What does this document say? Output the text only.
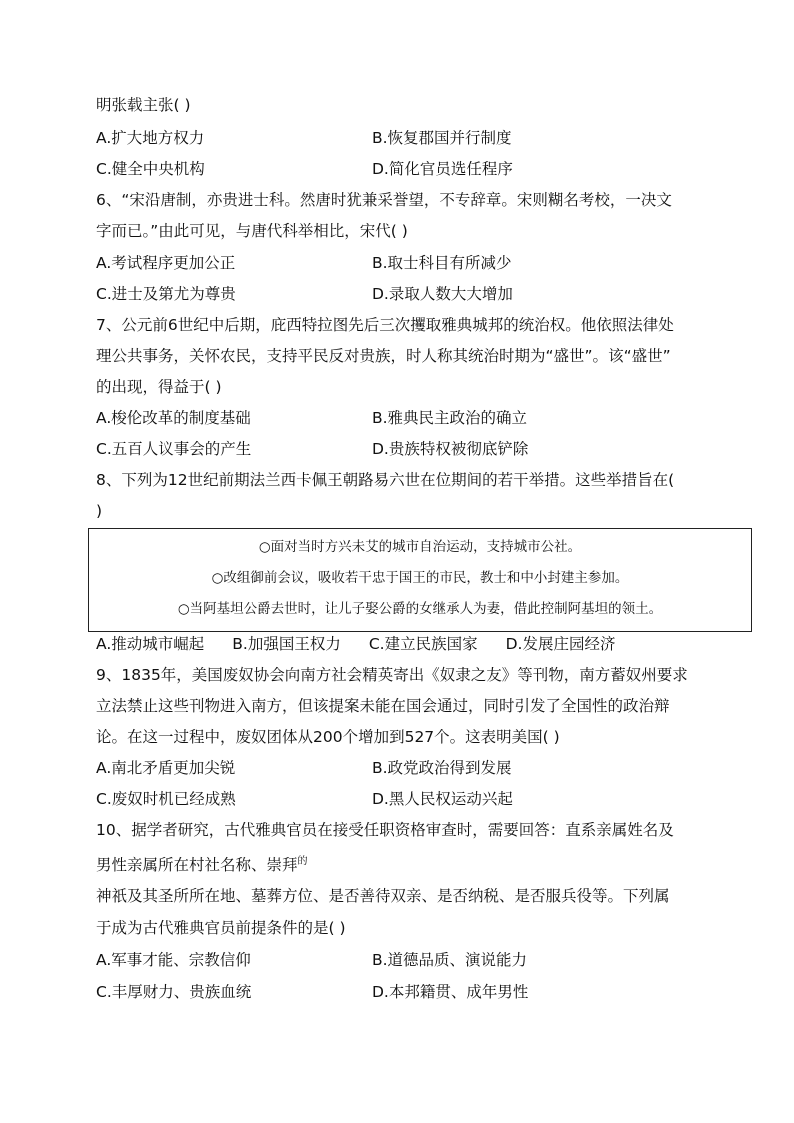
明张载主张( )
A.扩大地方权力	B.恢复郡国并行制度
C.健全中央机构	D.简化官员选任程序
6、“宋沿唐制，亦贵进士科。然唐时犹兼采誉望，不专辞章。宋则糊名考校，一决文
字而已。”由此可见，与唐代科举相比，宋代( )
A.考试程序更加公正	B.取士科目有所减少
C.进士及第尤为尊贵	D.录取人数大大增加
7、公元前6世纪中后期，庇西特拉图先后三次攫取雅典城邦的统治权。他依照法律处
理公共事务，关怀农民，支持平民反对贵族，时人称其统治时期为“盛世”。该“盛世”
的出现，得益于( )
A.梭伦改革的制度基础	B.雅典民主政治的确立
C.五百人议事会的产生	D.贵族特权被彻底铲除
8、下列为12世纪前期法兰西卡佩王朝路易六世在位期间的若干举措。这些举措旨在(
)
○面对当时方兴未艾的城市自治运动，支持城市公社。
○改组御前会议，吸收若干忠于国王的市民，教士和中小封建主参加。
○当阿基坦公爵去世时，让儿子娶公爵的女继承人为妻，借此控制阿基坦的领土。
A.推动城市崛起 B.加强国王权力 C.建立民族国家 D.发展庄园经济
9、1835年，美国废奴协会向南方社会精英寄出《奴隶之友》等刊物，南方蓄奴州要求
立法禁止这些刊物进入南方，但该提案未能在国会通过，同时引发了全国性的政治辩
论。在这一过程中，废奴团体从200个增加到527个。这表明美国( )
A.南北矛盾更加尖锐	B.政党政治得到发展
C.废奴时机已经成熟	D.黑人民权运动兴起
10、据学者研究，古代雅典官员在接受任职资格审查时，需要回答：直系亲属姓名及
男性亲属所在村社名称、崇拜$^的$
神祇及其圣所所在地、墓葬方位、是否善待双亲、是否纳税、是否服兵役等。下列属
于成为古代雅典官员前提条件的是( )
A.军事才能、宗教信仰	B.道德品质、演说能力
C.丰厚财力、贵族血统	D.本邦籍贯、成年男性
